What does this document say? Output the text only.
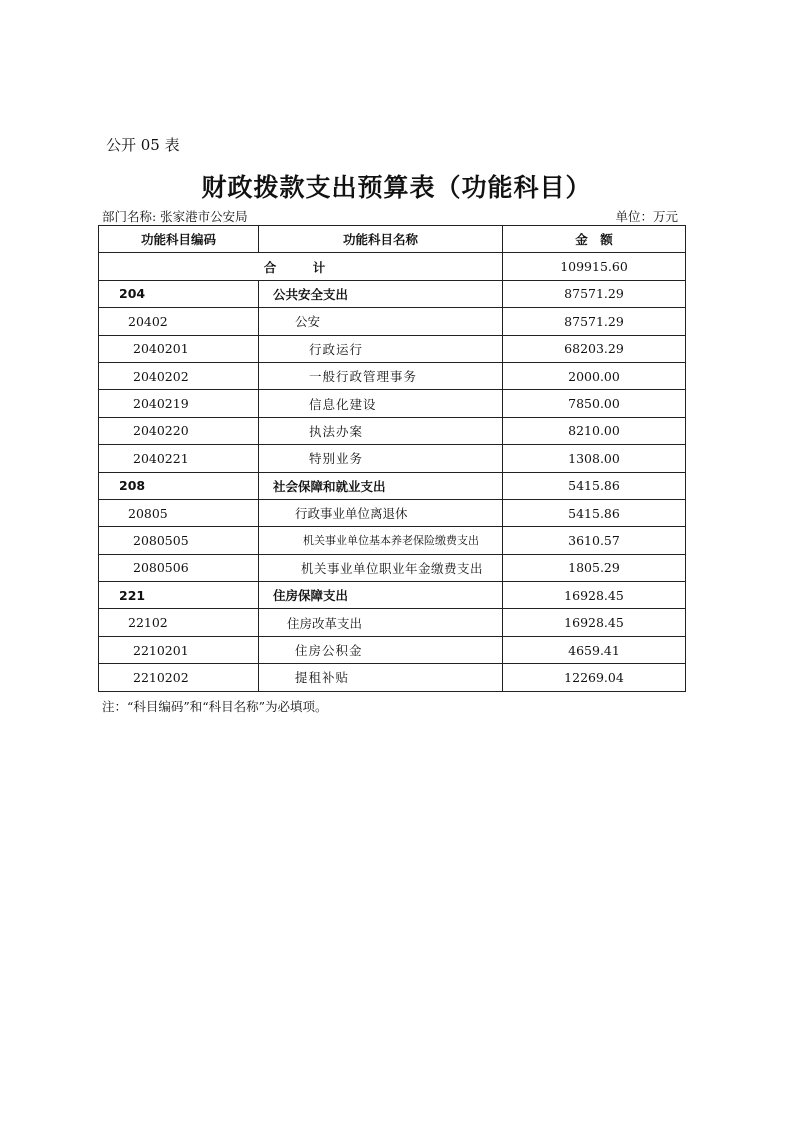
公开 05 表
财政拨款支出预算表（功能科目）
部门名称: 张家港市公安局	单位：万元
功能科目编码	功能科目名称	金　额
合　计		109915.60
204	公共安全支出	87571.29
20402	公安	87571.29
2040201	行政运行	68203.29
2040202	一般行政管理事务	2000.00
2040219	信息化建设	7850.00
2040220	执法办案	8210.00
2040221	特别业务	1308.00
208	社会保障和就业支出	5415.86
20805	行政事业单位离退休	5415.86
2080505	机关事业单位基本养老保险缴费支出	3610.57
2080506	机关事业单位职业年金缴费支出	1805.29
221	住房保障支出	16928.45
22102	住房改革支出	16928.45
2210201	住房公积金	4659.41
2210202	提租补贴	12269.04
注：“科目编码”和“科目名称”为必填项。
